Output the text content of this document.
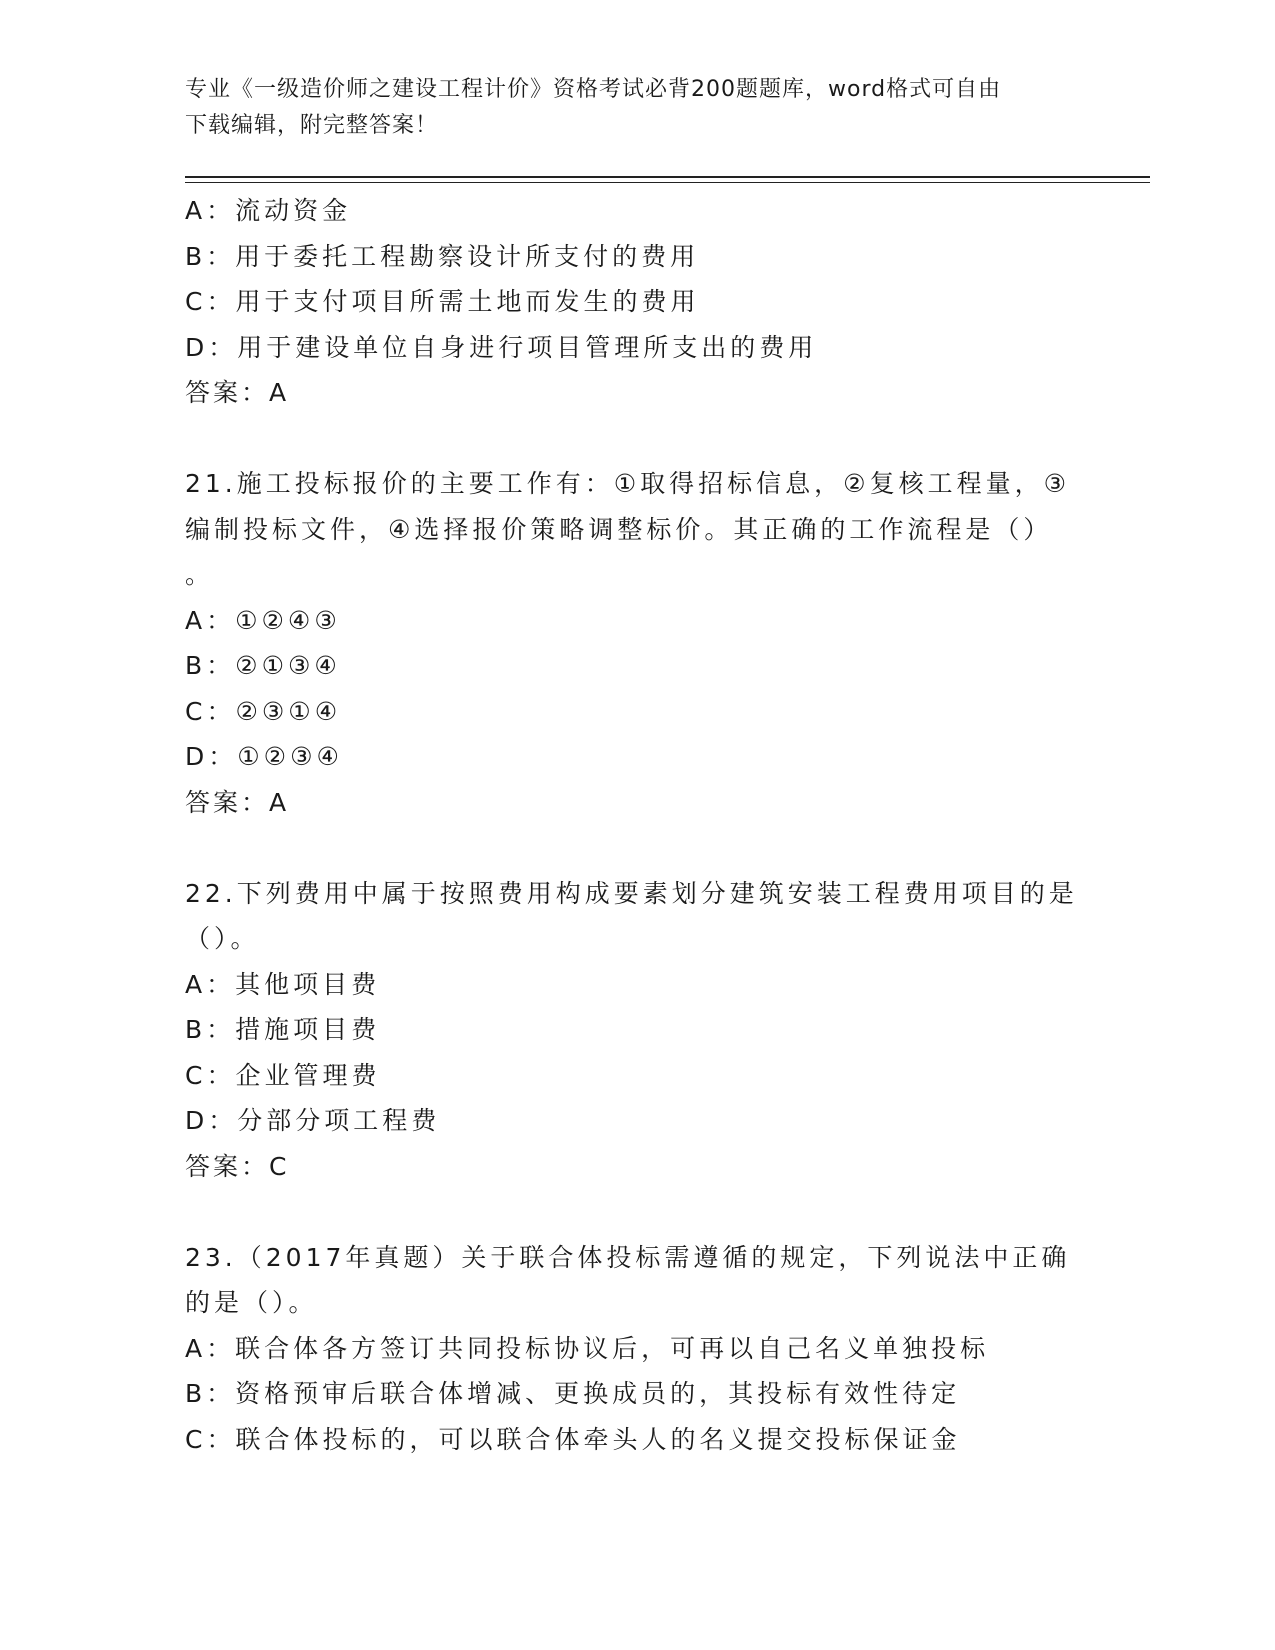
专业《一级造价师之建设工程计价》资格考试必背200题题库，word格式可自由
下载编辑，附完整答案！
A：流动资金
B：用于委托工程勘察设计所支付的费用
C：用于支付项目所需土地而发生的费用
D：用于建设单位自身进行项目管理所支出的费用
答案：A
21.施工投标报价的主要工作有：①取得招标信息，②复核工程量，③编制投标文件，④选择报价策略调整标价。其正确的工作流程是（）
。
A：①②④③
B：②①③④
C：②③①④
D：①②③④
答案：A
22.下列费用中属于按照费用构成要素划分建筑安装工程费用项目的是（）。
A：其他项目费
B：措施项目费
C：企业管理费
D：分部分项工程费
答案：C
23.（2017年真题）关于联合体投标需遵循的规定，下列说法中正确的是（）。
A：联合体各方签订共同投标协议后，可再以自己名义单独投标
B：资格预审后联合体增减、更换成员的，其投标有效性待定
C：联合体投标的，可以联合体牵头人的名义提交投标保证金
